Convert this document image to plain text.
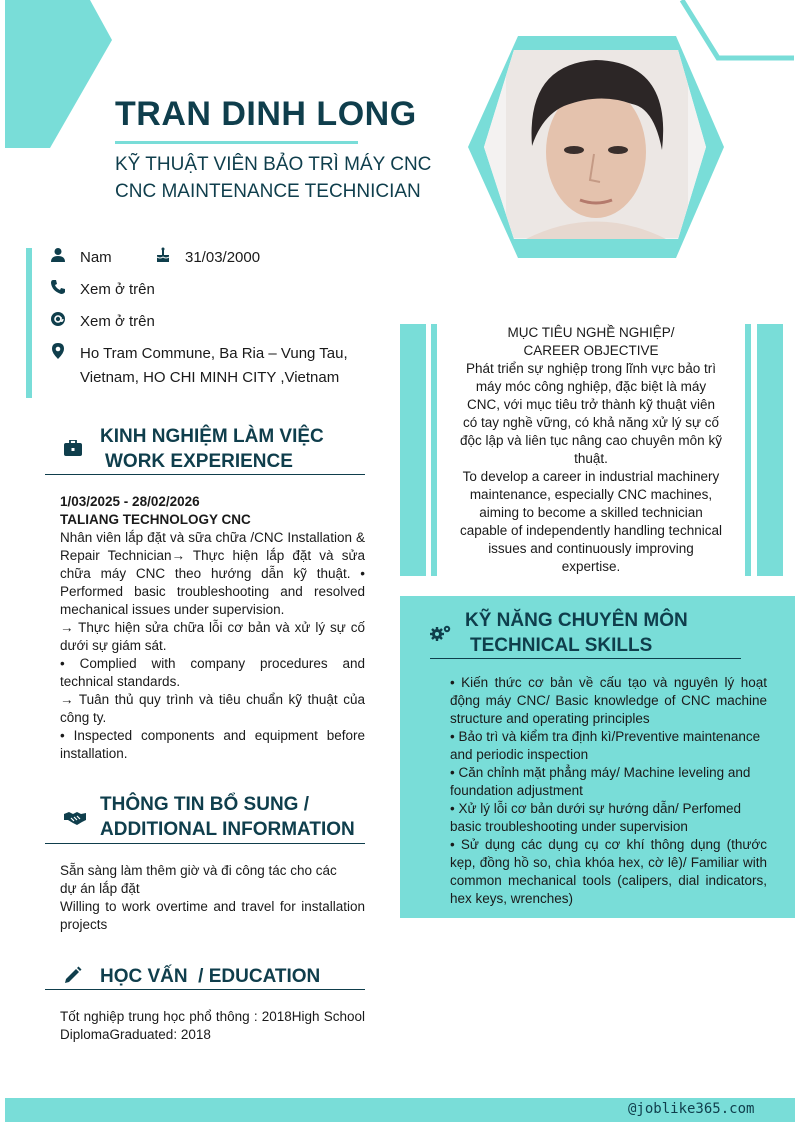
TRAN DINH LONG
KỸ THUẬT VIÊN BẢO TRÌ MÁY CNC
CNC MAINTENANCE TECHNICIAN
Nam	31/03/2000
Xem ở trên
Xem ở trên
Ho Tram Commune, Ba Ria – Vung Tau,
Vietnam, HO CHI MINH CITY ,Vietnam
KINH NGHIỆM LÀM VIỆC
WORK EXPERIENCE
1/03/2025 - 28/02/2026
TALIANG TECHNOLOGY CNC
Nhân viên lắp đặt và sữa chữa /CNC Installation & Repair Technician→ Thực hiện lắp đặt và sửa chữa máy CNC theo hướng dẫn kỹ thuật. • Performed basic troubleshooting and resolved mechanical issues under supervision.
→ Thực hiện sửa chữa lỗi cơ bản và xử lý sự cố dưới sự giám sát.
• Complied with company procedures and technical standards.
→ Tuân thủ quy trình và tiêu chuẩn kỹ thuật của công ty.
• Inspected components and equipment before installation.
THÔNG TIN BỔ SUNG /
ADDITIONAL INFORMATION
Sẵn sàng làm thêm giờ và đi công tác cho các dự án lắp đặt
Willing to work overtime and travel for installation projects
HỌC VẤN  / EDUCATION
Tốt nghiệp trung học phổ thông : 2018High School DiplomaGraduated: 2018
MỤC TIÊU NGHỀ NGHIỆP/
CAREER OBJECTIVE
Phát triển sự nghiệp trong lĩnh vực bảo trì máy móc công nghiệp, đặc biệt là máy CNC, với mục tiêu trở thành kỹ thuật viên có tay nghề vững, có khả năng xử lý sự cố độc lập và liên tục nâng cao chuyên môn kỹ thuật.
To develop a career in industrial machinery maintenance, especially CNC machines, aiming to become a skilled technician capable of independently handling technical issues and continuously improving expertise.
KỸ NĂNG CHUYÊN MÔN
TECHNICAL SKILLS
• Kiến thức cơ bản về cấu tạo và nguyên lý hoạt động máy CNC/ Basic knowledge of CNC machine structure and operating principles
• Bảo trì và kiểm tra định kì/Preventive maintenance and periodic inspection
• Căn chỉnh mặt phẳng máy/ Machine leveling and foundation adjustment
• Xử lý lỗi cơ bản dưới sự hướng dẫn/ Perfomed basic troubleshooting under supervision
• Sử dụng các dụng cụ cơ khí thông dụng (thước kẹp, đồng hồ so, chìa khóa hex, cờ lê)/ Familiar with common mechanical tools (calipers, dial indicators, hex keys, wrenches)
@joblike365.com
